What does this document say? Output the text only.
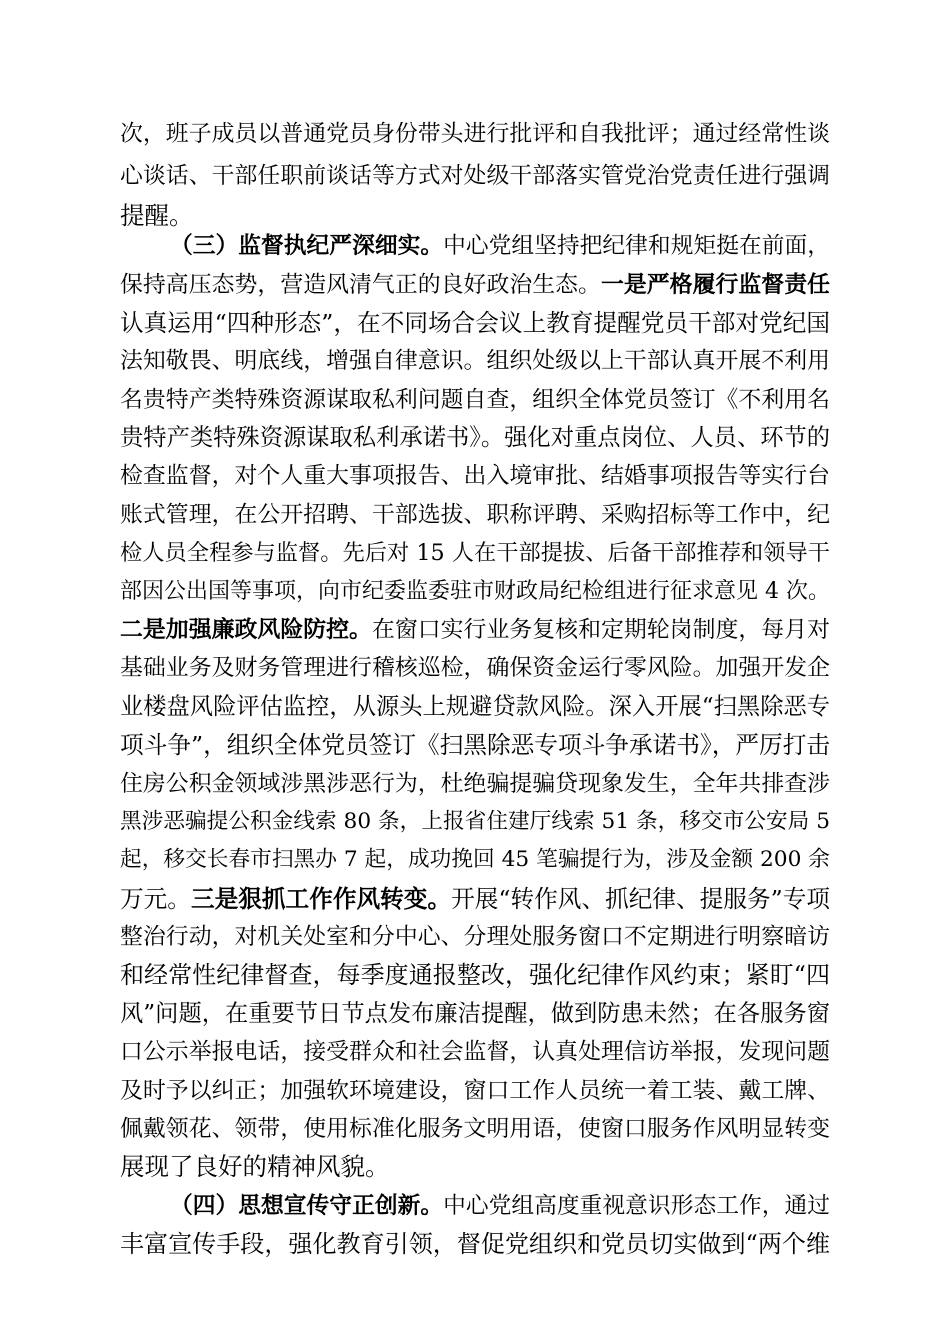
次，班子成员以普通党员身份带头进行批评和自我批评；通过经常性谈
心谈话、干部任职前谈话等方式对处级干部落实管党治党责任进行强调
提醒。
（三）监督执纪严深细实。中心党组坚持把纪律和规矩挺在前面，
保持高压态势，营造风清气正的良好政治生态。一是严格履行监督责任
认真运用“四种形态”，在不同场合会议上教育提醒党员干部对党纪国
法知敬畏、明底线，增强自律意识。组织处级以上干部认真开展不利用
名贵特产类特殊资源谋取私利问题自查，组织全体党员签订《不利用名
贵特产类特殊资源谋取私利承诺书》。强化对重点岗位、人员、环节的
检查监督，对个人重大事项报告、出入境审批、结婚事项报告等实行台
账式管理，在公开招聘、干部选拔、职称评聘、采购招标等工作中，纪
检人员全程参与监督。先后对 15 人在干部提拔、后备干部推荐和领导干
部因公出国等事项，向市纪委监委驻市财政局纪检组进行征求意见 4 次。
二是加强廉政风险防控。在窗口实行业务复核和定期轮岗制度，每月对
基础业务及财务管理进行稽核巡检，确保资金运行零风险。加强开发企
业楼盘风险评估监控，从源头上规避贷款风险。深入开展“扫黑除恶专
项斗争”，组织全体党员签订《扫黑除恶专项斗争承诺书》，严厉打击
住房公积金领域涉黑涉恶行为，杜绝骗提骗贷现象发生，全年共排查涉
黑涉恶骗提公积金线索 80 条，上报省住建厅线索 51 条，移交市公安局 5
起，移交长春市扫黑办 7 起，成功挽回 45 笔骗提行为，涉及金额 200 余
万元。三是狠抓工作作风转变。开展“转作风、抓纪律、提服务”专项
整治行动，对机关处室和分中心、分理处服务窗口不定期进行明察暗访
和经常性纪律督查，每季度通报整改，强化纪律作风约束；紧盯“四
风”问题，在重要节日节点发布廉洁提醒，做到防患未然；在各服务窗
口公示举报电话，接受群众和社会监督，认真处理信访举报，发现问题
及时予以纠正；加强软环境建设，窗口工作人员统一着工装、戴工牌、
佩戴领花、领带，使用标准化服务文明用语，使窗口服务作风明显转变
展现了良好的精神风貌。
（四）思想宣传守正创新。中心党组高度重视意识形态工作，通过
丰富宣传手段，强化教育引领，督促党组织和党员切实做到“两个维
